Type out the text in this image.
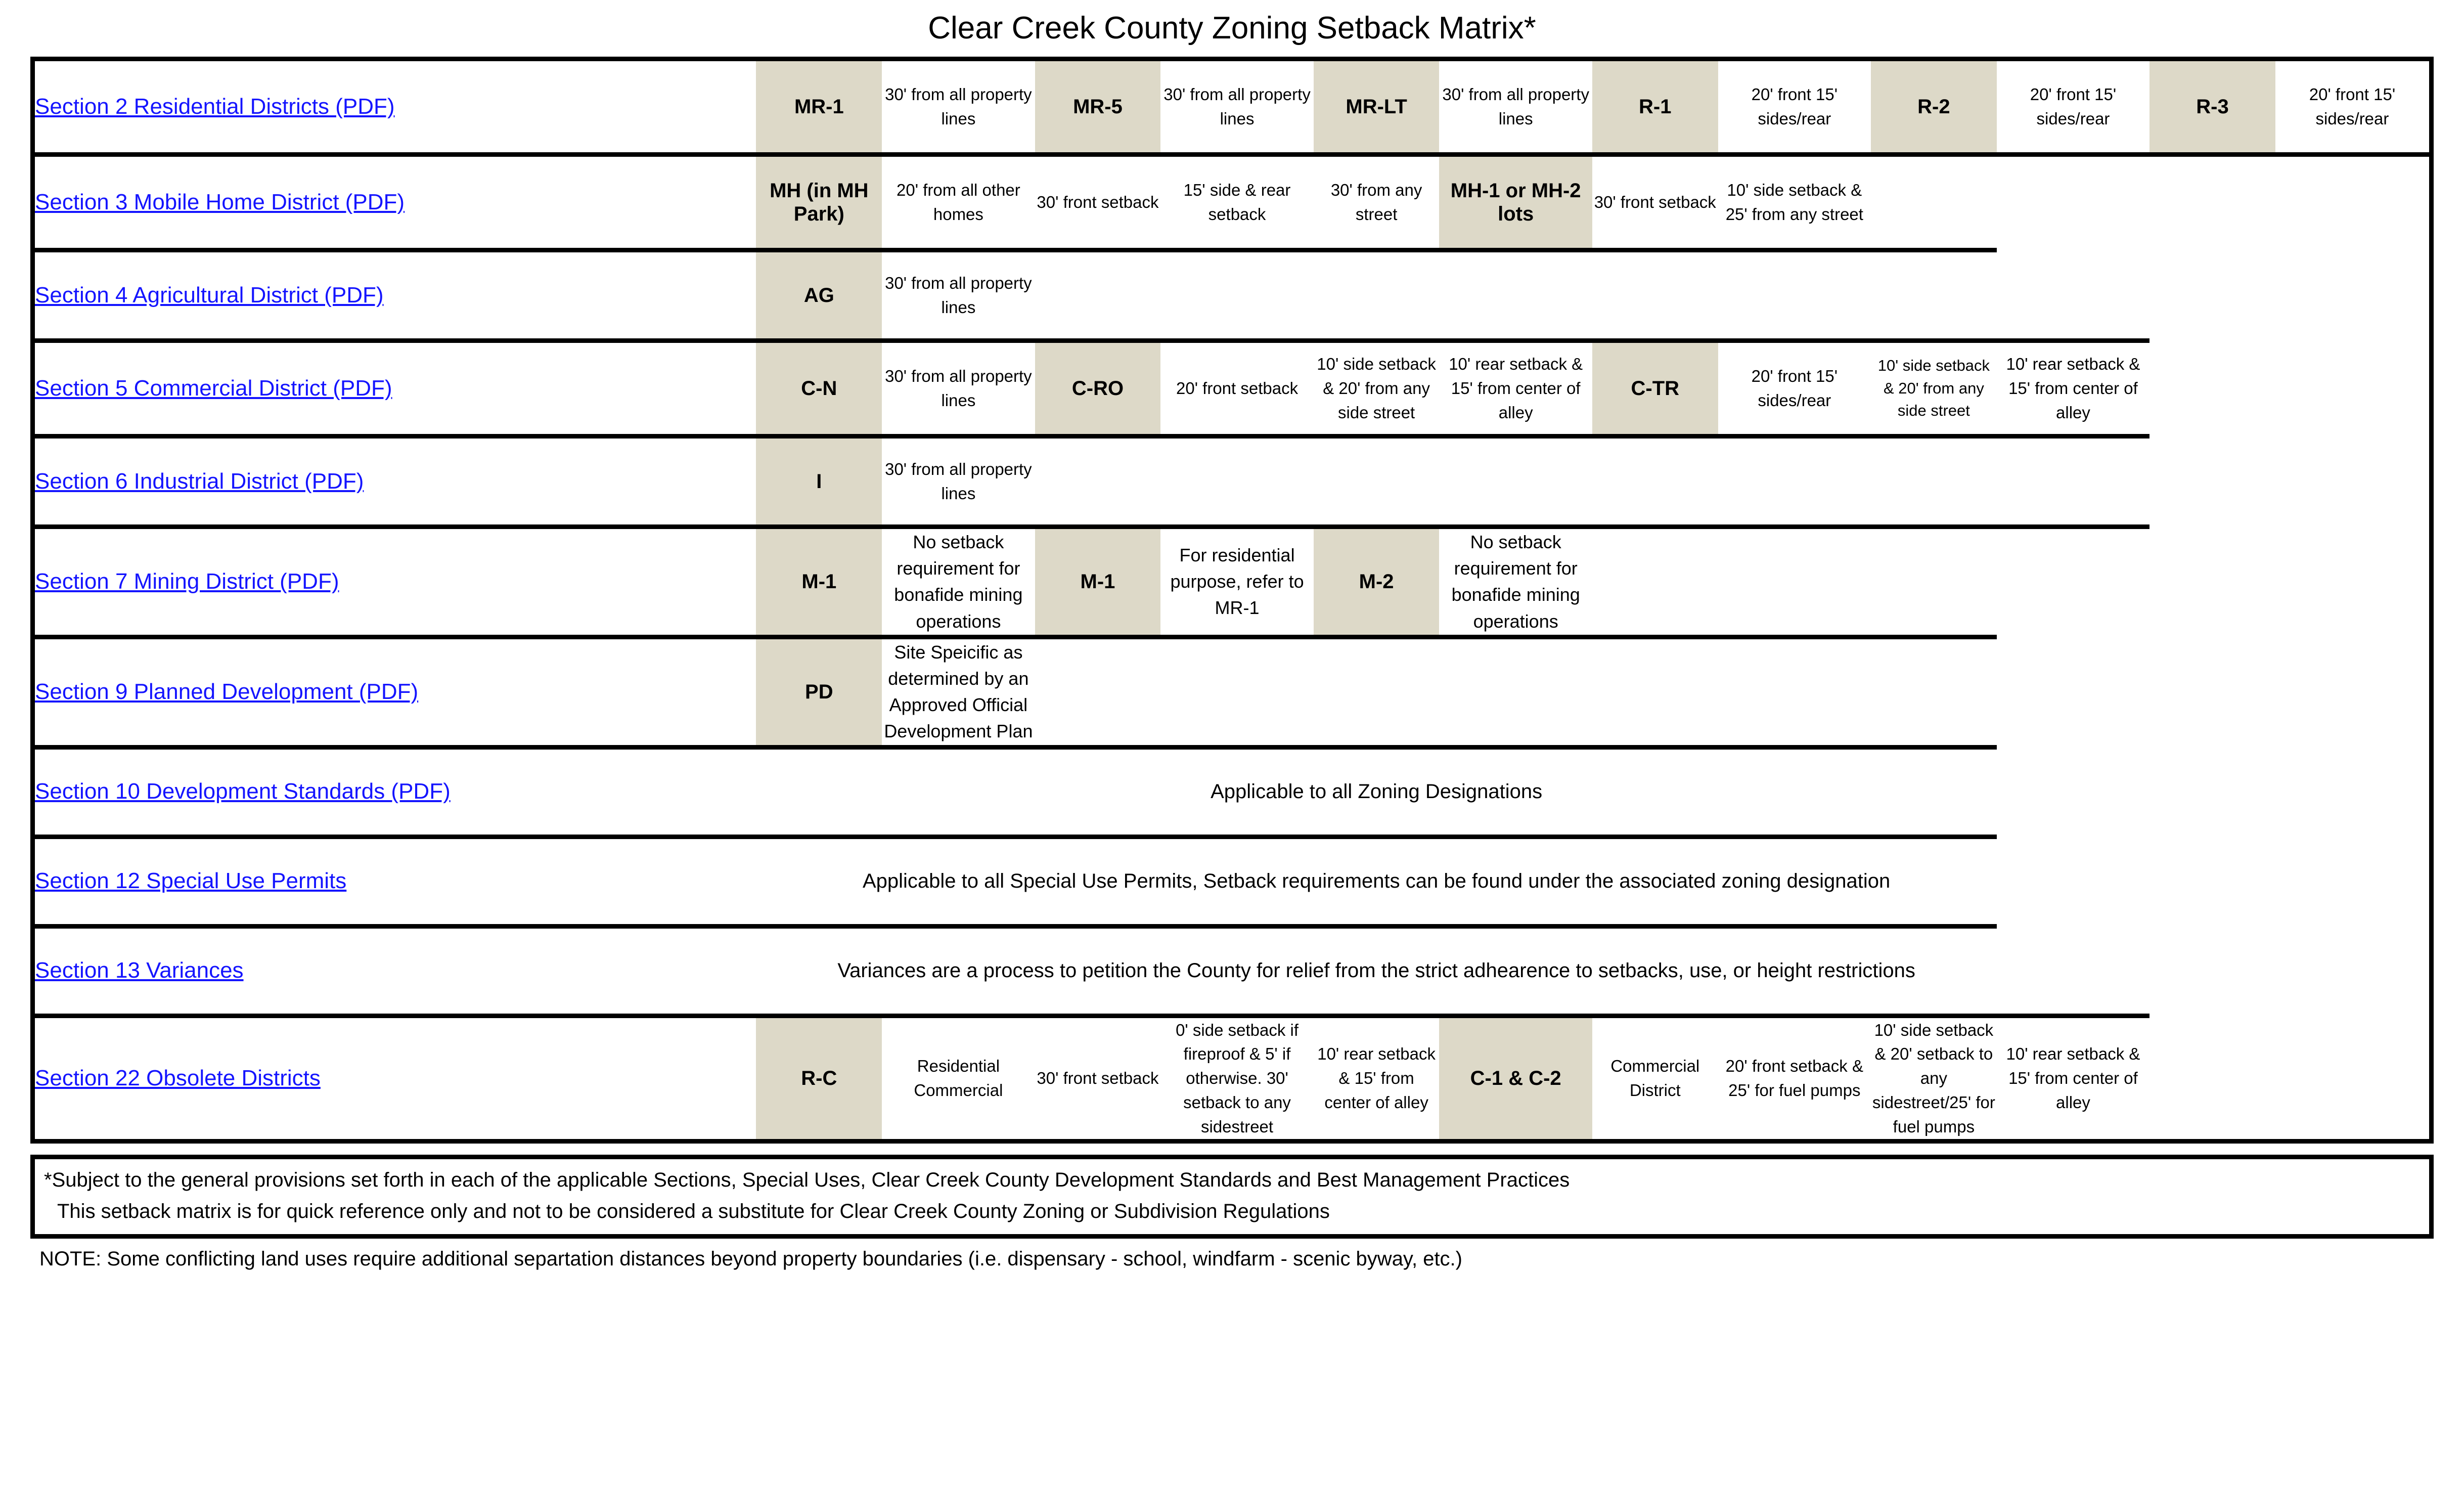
Clear Creek County Zoning Setback Matrix*
Section 2 Residential Districts (PDF)	MR-1	30' from all property lines	MR-5	30' from all property lines	MR-LT	30' from all property lines	R-1	20' front 15' sides/rear	R-2	20' front 15' sides/rear	R-3	20' front 15' sides/rear
Section 3 Mobile Home District (PDF)	MH (in MH Park)	20' from all other homes	30' front setback	15' side & rear setback	30' from any street	MH-1 or MH-2 lots	30' front setback	10' side setback & 25' from any street				
Section 4 Agricultural District (PDF)	AG	30' from all property lines										
Section 5 Commercial District (PDF)	C-N	30' from all property lines	C-RO	20' front setback	10' side setback & 20' from any side street	10' rear setback & 15' from center of alley	C-TR	20' front 15' sides/rear	10' side setback & 20' from any side street	10' rear setback & 15' from center of alley		
Section 6 Industrial District (PDF)	I	30' from all property lines										
Section 7 Mining District (PDF)	M-1	No setback requirement for bonafide mining operations	M-1	For residential purpose, refer to MR-1	M-2	No setback requirement for bonafide mining operations						
Section 9 Planned Development (PDF)	PD	Site Speicific as determined by an Approved Official Development Plan										
Section 10 Development Standards (PDF)	Applicable to all Zoning Designations											
Section 12 Special Use Permits	Applicable to all Special Use Permits, Setback requirements can be found under the associated zoning designation											
Section 13 Variances	Variances are a process to petition the County for relief from the strict adhearence to setbacks, use, or height restrictions											
Section 22 Obsolete Districts	R-C	Residential Commercial	30' front setback	0' side setback if fireproof & 5' if otherwise. 30' setback to any sidestreet	10' rear setback & 15' from center of alley	C-1 & C-2	Commercial District	20' front setback & 25' for fuel pumps	10' side setback & 20' setback to any sidestreet/25' for fuel pumps	10' rear setback & 15' from center of alley		
*Subject to the general provisions set forth in each of the applicable Sections, Special Uses, Clear Creek County Development Standards and Best Management Practices
This setback matrix is for quick reference only and not to be considered a substitute for Clear Creek County Zoning or Subdivision Regulations
NOTE: Some conflicting land uses require additional separtation distances beyond property boundaries (i.e. dispensary - school, windfarm - scenic byway, etc.)
